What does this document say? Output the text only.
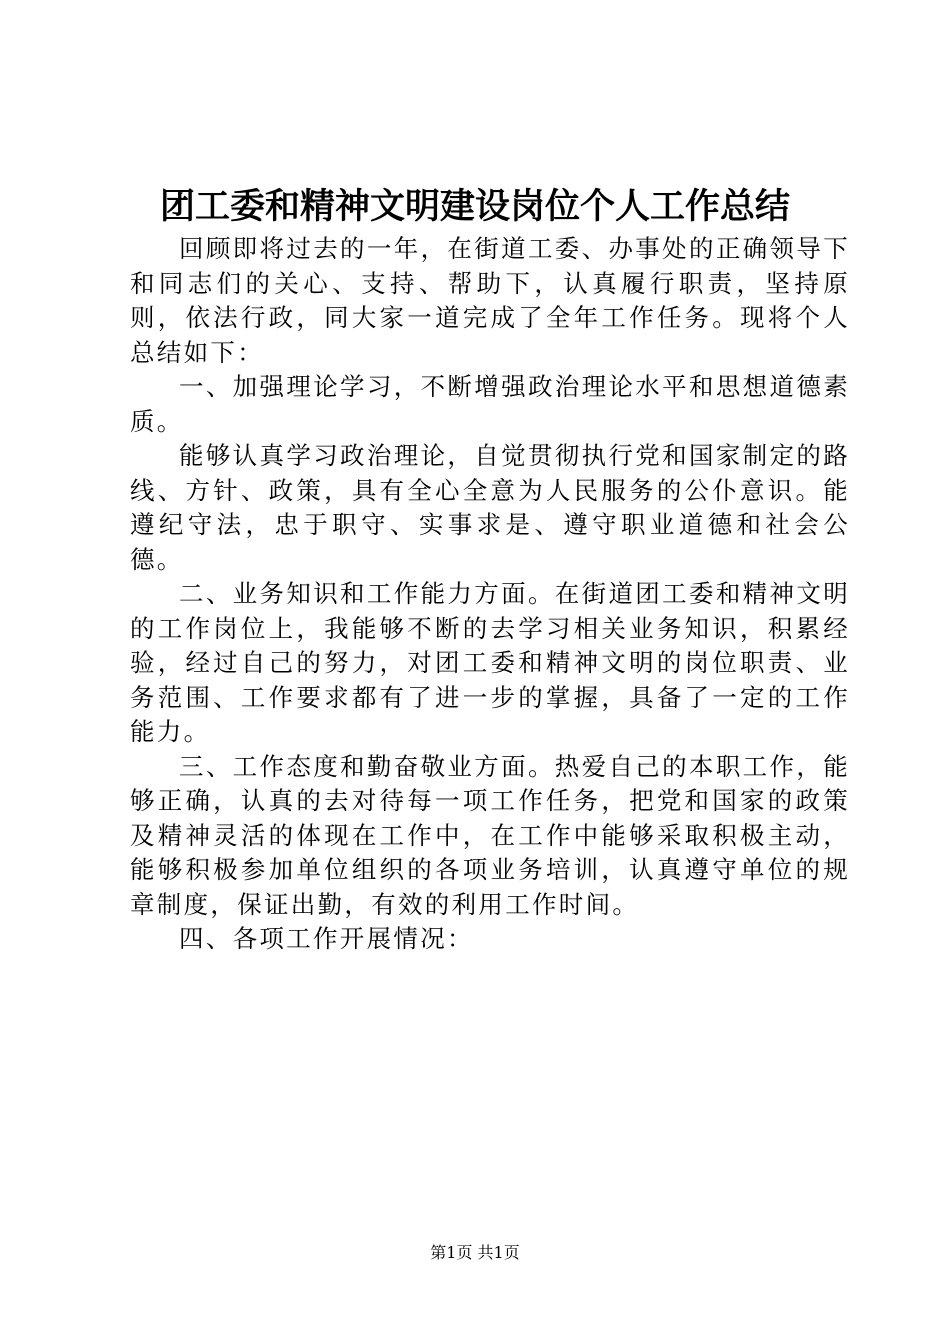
团工委和精神文明建设岗位个人工作总结

回顾即将过去的一年，在街道工委、办事处的正确领导下和同志们的关心、支持、帮助下，认真履行职责，坚持原则，依法行政，同大家一道完成了全年工作任务。现将个人总结如下：

一、加强理论学习，不断增强政治理论水平和思想道德素质。

能够认真学习政治理论，自觉贯彻执行党和国家制定的路线、方针、政策，具有全心全意为人民服务的公仆意识。能遵纪守法，忠于职守、实事求是、遵守职业道德和社会公德。

二、业务知识和工作能力方面。在街道团工委和精神文明的工作岗位上，我能够不断的去学习相关业务知识，积累经验，经过自己的努力，对团工委和精神文明的岗位职责、业务范围、工作要求都有了进一步的掌握，具备了一定的工作能力。

三、工作态度和勤奋敬业方面。热爱自己的本职工作，能够正确，认真的去对待每一项工作任务，把党和国家的政策及精神灵活的体现在工作中，在工作中能够采取积极主动，能够积极参加单位组织的各项业务培训，认真遵守单位的规章制度，保证出勤，有效的利用工作时间。

四、各项工作开展情况：

第1页 共1页
